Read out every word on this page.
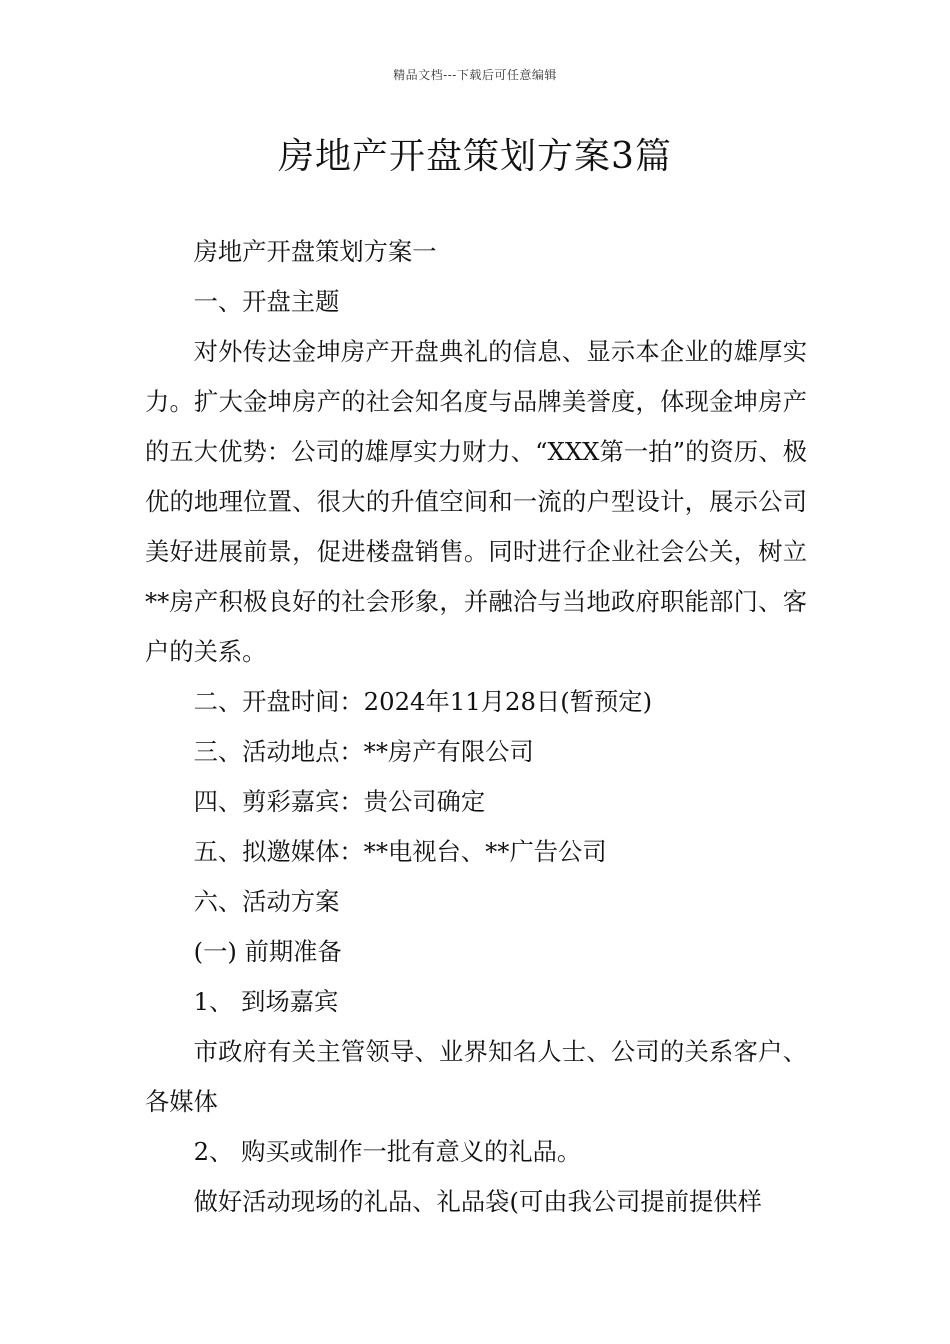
精品文档---下载后可任意编辑
房地产开盘策划方案3篇

房地产开盘策划方案一

一、开盘主题

对外传达金坤房产开盘典礼的信息、显示本企业的雄厚实力。扩大金坤房产的社会知名度与品牌美誉度，体现金坤房产的五大优势：公司的雄厚实力财力、“XXX第一拍”的资历、极优的地理位置、很大的升值空间和一流的户型设计，展示公司美好进展前景，促进楼盘销售。同时进行企业社会公关，树立**房产积极良好的社会形象，并融洽与当地政府职能部门、客户的关系。

二、开盘时间：2024年11月28日(暂预定)

三、活动地点：**房产有限公司

四、剪彩嘉宾：贵公司确定

五、拟邀媒体：**电视台、**广告公司

六、活动方案

(一) 前期准备

1、 到场嘉宾

市政府有关主管领导、业界知名人士、公司的关系客户、各媒体

2、 购买或制作一批有意义的礼品。

做好活动现场的礼品、礼品袋(可由我公司提前提供样
